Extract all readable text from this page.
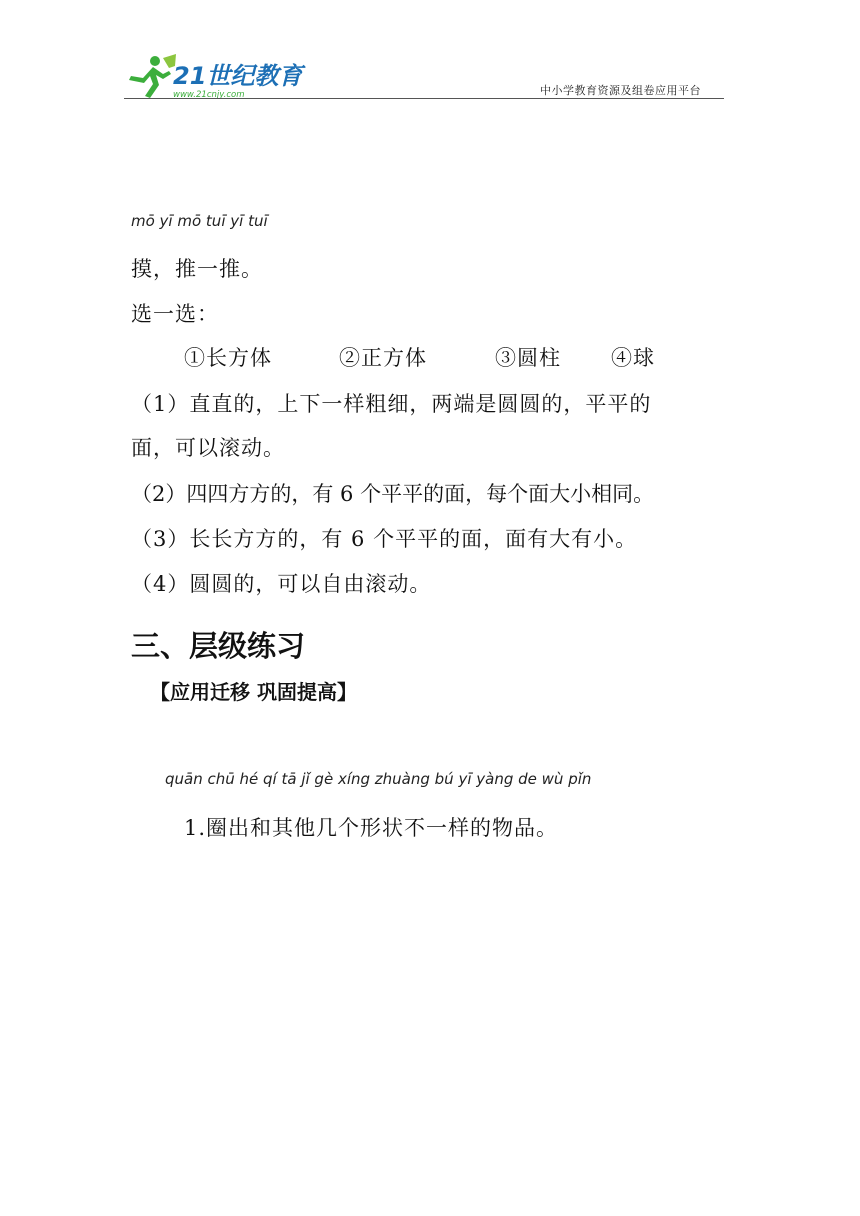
21世纪教育
www.21cnjy.com	中小学教育资源及组卷应用平台
mō yī mō tuī yī tuī
摸，推一推。
选一选：
①长方体	②正方体	③圆柱 ④球
（1）直直的，上下一样粗细，两端是圆圆的，平平的
面，可以滚动。
（2）四四方方的，有 6 个平平的面，每个面大小相同。
（3）长长方方的，有 6 个平平的面，面有大有小。
（4）圆圆的，可以自由滚动。
三、层级练习
【应用迁移 巩固提高】
quān chū hé qí tā jǐ gè xíng zhuàng bú yī yàng de wù pǐn
1.圈出和其他几个形状不一样的物品。
